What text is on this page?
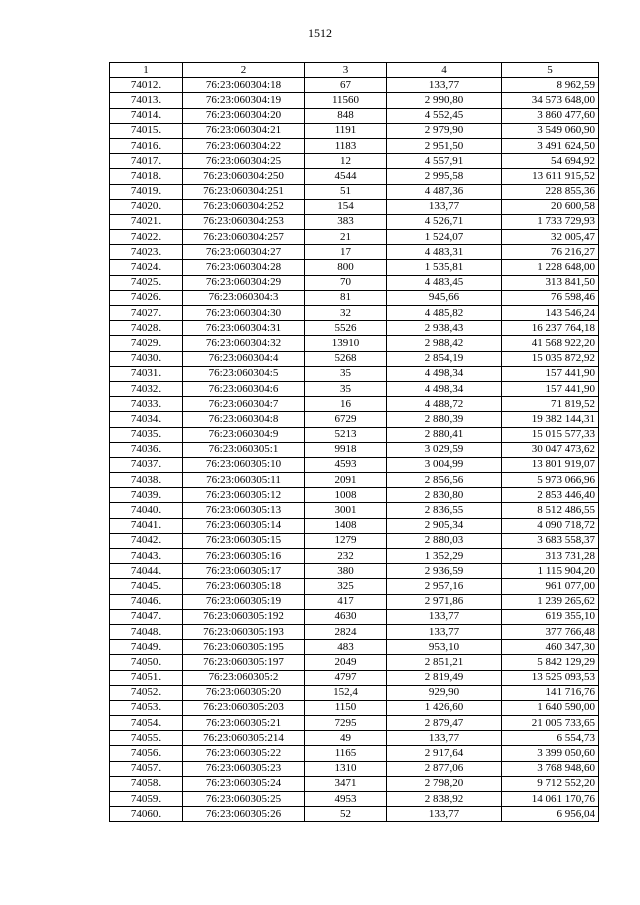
1512
1	2	3	4	5
74012.	76:23:060304:18	67	133,77	8 962,59
74013.	76:23:060304:19	11560	2 990,80	34 573 648,00
74014.	76:23:060304:20	848	4 552,45	3 860 477,60
74015.	76:23:060304:21	1191	2 979,90	3 549 060,90
74016.	76:23:060304:22	1183	2 951,50	3 491 624,50
74017.	76:23:060304:25	12	4 557,91	54 694,92
74018.	76:23:060304:250	4544	2 995,58	13 611 915,52
74019.	76:23:060304:251	51	4 487,36	228 855,36
74020.	76:23:060304:252	154	133,77	20 600,58
74021.	76:23:060304:253	383	4 526,71	1 733 729,93
74022.	76:23:060304:257	21	1 524,07	32 005,47
74023.	76:23:060304:27	17	4 483,31	76 216,27
74024.	76:23:060304:28	800	1 535,81	1 228 648,00
74025.	76:23:060304:29	70	4 483,45	313 841,50
74026.	76:23:060304:3	81	945,66	76 598,46
74027.	76:23:060304:30	32	4 485,82	143 546,24
74028.	76:23:060304:31	5526	2 938,43	16 237 764,18
74029.	76:23:060304:32	13910	2 988,42	41 568 922,20
74030.	76:23:060304:4	5268	2 854,19	15 035 872,92
74031.	76:23:060304:5	35	4 498,34	157 441,90
74032.	76:23:060304:6	35	4 498,34	157 441,90
74033.	76:23:060304:7	16	4 488,72	71 819,52
74034.	76:23:060304:8	6729	2 880,39	19 382 144,31
74035.	76:23:060304:9	5213	2 880,41	15 015 577,33
74036.	76:23:060305:1	9918	3 029,59	30 047 473,62
74037.	76:23:060305:10	4593	3 004,99	13 801 919,07
74038.	76:23:060305:11	2091	2 856,56	5 973 066,96
74039.	76:23:060305:12	1008	2 830,80	2 853 446,40
74040.	76:23:060305:13	3001	2 836,55	8 512 486,55
74041.	76:23:060305:14	1408	2 905,34	4 090 718,72
74042.	76:23:060305:15	1279	2 880,03	3 683 558,37
74043.	76:23:060305:16	232	1 352,29	313 731,28
74044.	76:23:060305:17	380	2 936,59	1 115 904,20
74045.	76:23:060305:18	325	2 957,16	961 077,00
74046.	76:23:060305:19	417	2 971,86	1 239 265,62
74047.	76:23:060305:192	4630	133,77	619 355,10
74048.	76:23:060305:193	2824	133,77	377 766,48
74049.	76:23:060305:195	483	953,10	460 347,30
74050.	76:23:060305:197	2049	2 851,21	5 842 129,29
74051.	76:23:060305:2	4797	2 819,49	13 525 093,53
74052.	76:23:060305:20	152,4	929,90	141 716,76
74053.	76:23:060305:203	1150	1 426,60	1 640 590,00
74054.	76:23:060305:21	7295	2 879,47	21 005 733,65
74055.	76:23:060305:214	49	133,77	6 554,73
74056.	76:23:060305:22	1165	2 917,64	3 399 050,60
74057.	76:23:060305:23	1310	2 877,06	3 768 948,60
74058.	76:23:060305:24	3471	2 798,20	9 712 552,20
74059.	76:23:060305:25	4953	2 838,92	14 061 170,76
74060.	76:23:060305:26	52	133,77	6 956,04
